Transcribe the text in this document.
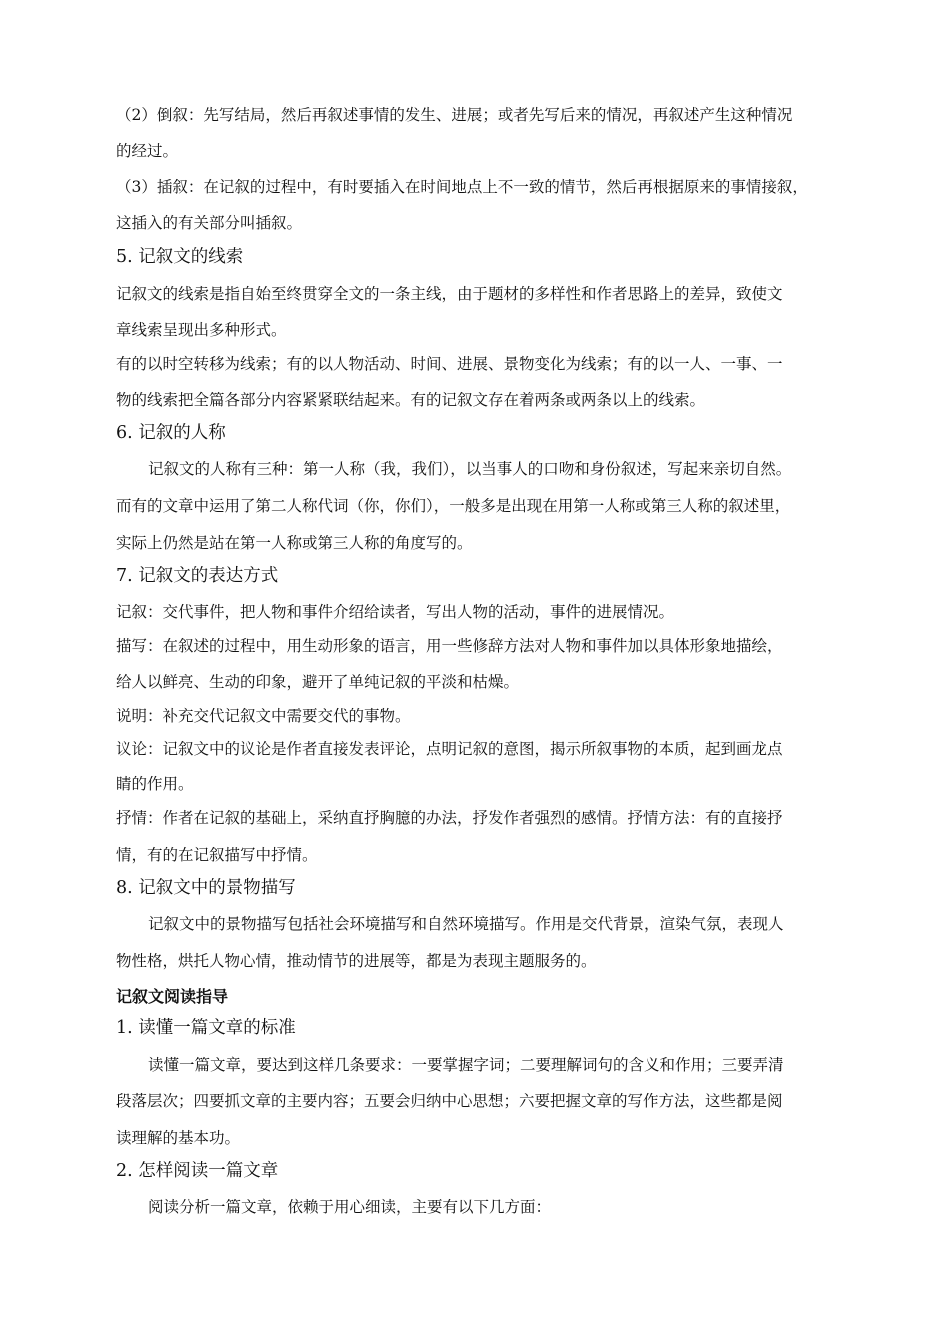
（2）倒叙：先写结局，然后再叙述事情的发生、进展；或者先写后来的情况，再叙述产生这种情况
的经过。
（3）插叙：在记叙的过程中，有时要插入在时间地点上不一致的情节，然后再根据原来的事情接叙，
这插入的有关部分叫插叙。
5. 记叙文的线索
记叙文的线索是指自始至终贯穿全文的一条主线，由于题材的多样性和作者思路上的差异，致使文
章线索呈现出多种形式。
有的以时空转移为线索；有的以人物活动、时间、进展、景物变化为线索；有的以一人、一事、一
物的线索把全篇各部分内容紧紧联结起来。有的记叙文存在着两条或两条以上的线索。
6. 记叙的人称
记叙文的人称有三种：第一人称（我，我们），以当事人的口吻和身份叙述，写起来亲切自然。
而有的文章中运用了第二人称代词（你，你们），一般多是出现在用第一人称或第三人称的叙述里，
实际上仍然是站在第一人称或第三人称的角度写的。
7. 记叙文的表达方式
记叙：交代事件，把人物和事件介绍给读者，写出人物的活动，事件的进展情况。
描写：在叙述的过程中，用生动形象的语言，用一些修辞方法对人物和事件加以具体形象地描绘，
给人以鲜亮、生动的印象，避开了单纯记叙的平淡和枯燥。
说明：补充交代记叙文中需要交代的事物。
议论：记叙文中的议论是作者直接发表评论，点明记叙的意图，揭示所叙事物的本质，起到画龙点
睛的作用。
抒情：作者在记叙的基础上，采纳直抒胸臆的办法，抒发作者强烈的感情。抒情方法：有的直接抒
情，有的在记叙描写中抒情。
8. 记叙文中的景物描写
记叙文中的景物描写包括社会环境描写和自然环境描写。作用是交代背景，渲染气氛，表现人
物性格，烘托人物心情，推动情节的进展等，都是为表现主题服务的。
记叙文阅读指导
1. 读懂一篇文章的标准
读懂一篇文章，要达到这样几条要求：一要掌握字词；二要理解词句的含义和作用；三要弄清
段落层次；四要抓文章的主要内容；五要会归纳中心思想；六要把握文章的写作方法，这些都是阅
读理解的基本功。
2. 怎样阅读一篇文章
阅读分析一篇文章，依赖于用心细读，主要有以下几方面：
